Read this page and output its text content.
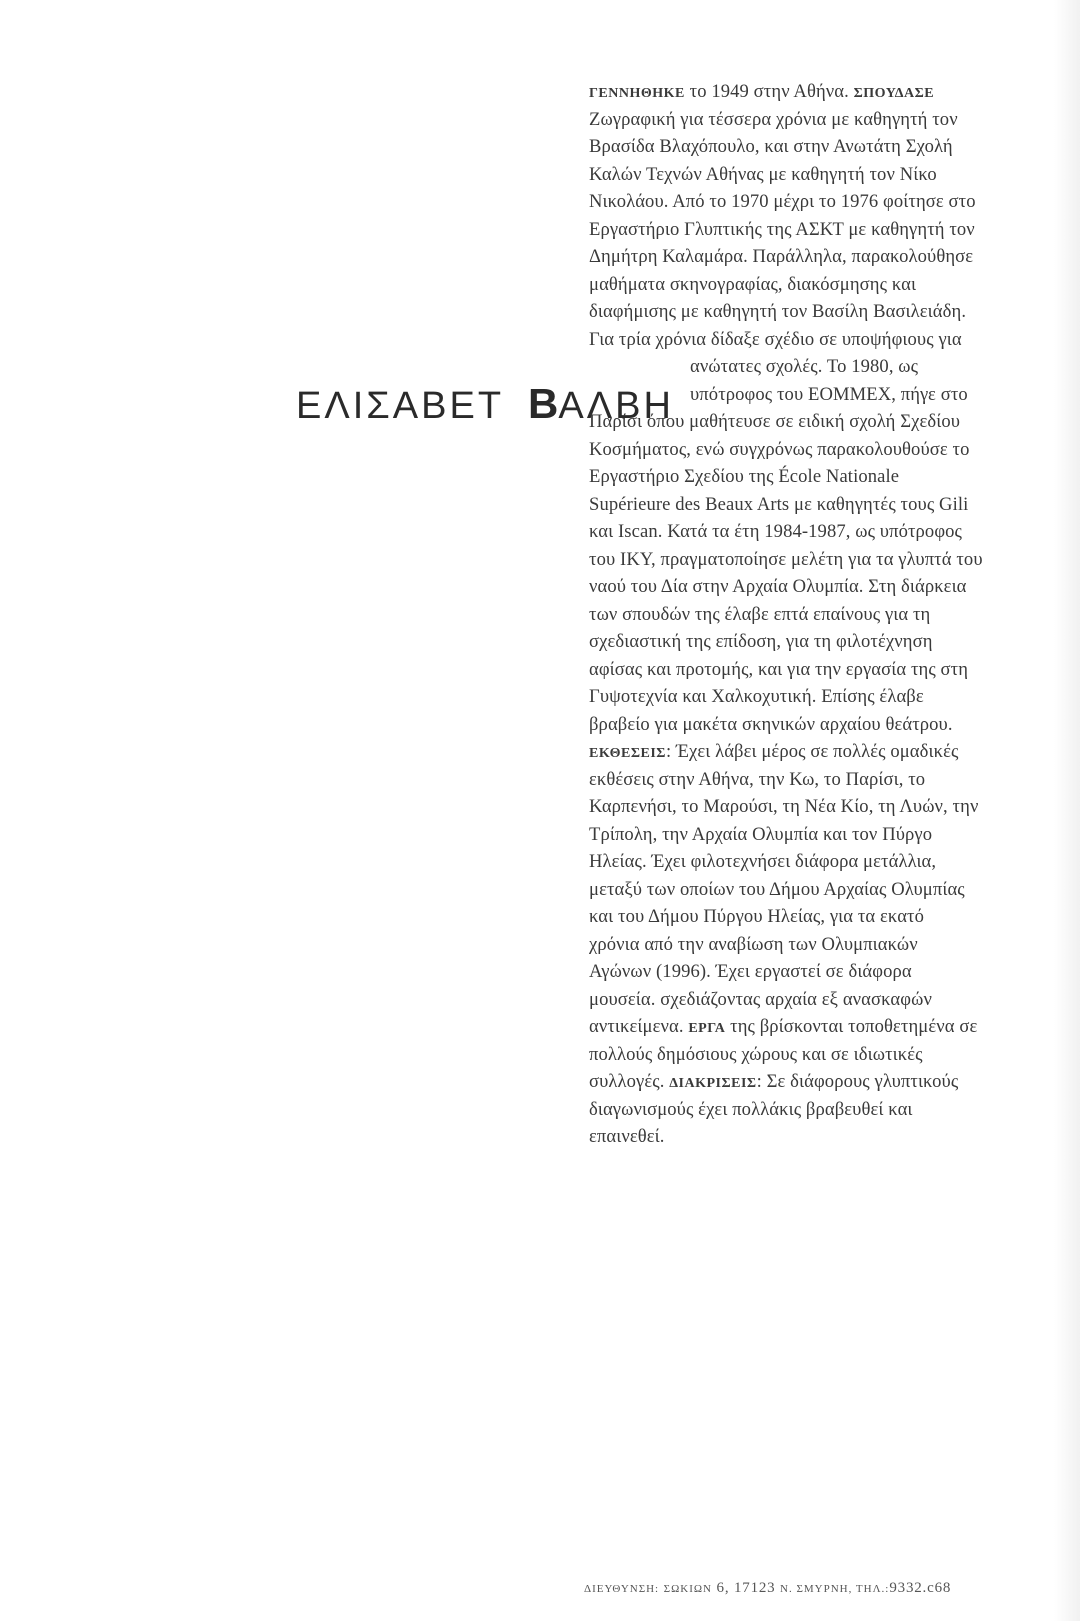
ΕΛΙΣΑΒΕΤ ΒΑΛΒΗ
ΓΕΝΝΗΘΗΚΕ το 1949 στην Αθήνα. ΣΠΟΥΔΑΣΕ
Ζωγραφική για τέσσερα χρόνια με καθηγητή τον
Βρασίδα Βλαχόπουλο, και στην Ανωτάτη Σχολή
Καλών Τεχνών Αθήνας με καθηγητή τον Νίκο
Νικολάου. Από το 1970 μέχρι το 1976 φοίτησε στο
Εργαστήριο Γλυπτικής της ΑΣΚΤ με καθηγητή τον
Δημήτρη Καλαμάρα. Παράλληλα, παρακολούθησε
μαθήματα σκηνογραφίας, διακόσμησης και
διαφήμισης με καθηγητή τον Βασίλη Βασιλειάδη.
Για τρία χρόνια δίδαξε σχέδιο σε υποψήφιους για
ανώτατες σχολές. Το 1980, ως
υπότροφος του ΕΟΜΜΕΧ, πήγε στο
Παρίσι όπου μαθήτευσε σε ειδική σχολή Σχεδίου
Κοσμήματος, ενώ συγχρόνως παρακολουθούσε το
Εργαστήριο Σχεδίου της École Nationale
Supérieure des Beaux Arts με καθηγητές τους Gili
και Iscan. Κατά τα έτη 1984-1987, ως υπότροφος
του ΙΚΥ, πραγματοποίησε μελέτη για τα γλυπτά του
ναού του Δία στην Αρχαία Ολυμπία. Στη διάρκεια
των σπουδών της έλαβε επτά επαίνους για τη
σχεδιαστική της επίδοση, για τη φιλοτέχνηση
αφίσας και προτομής, και για την εργασία της στη
Γυψοτεχνία και Χαλκοχυτική. Επίσης έλαβε
βραβείο για μακέτα σκηνικών αρχαίου θεάτρου.
ΕΚΘΕΣΕΙΣ: Έχει λάβει μέρος σε πολλές ομαδικές
εκθέσεις στην Αθήνα, την Κω, το Παρίσι, το
Καρπενήσι, το Μαρούσι, τη Νέα Κίο, τη Λυών, την
Τρίπολη, την Αρχαία Ολυμπία και τον Πύργο
Ηλείας. Έχει φιλοτεχνήσει διάφορα μετάλλια,
μεταξύ των οποίων του Δήμου Αρχαίας Ολυμπίας
και του Δήμου Πύργου Ηλείας, για τα εκατό
χρόνια από την αναβίωση των Ολυμπιακών
Αγώνων (1996). Έχει εργαστεί σε διάφορα
μουσεία. σχεδιάζοντας αρχαία εξ ανασκαφών
αντικείμενα. ΕΡΓΑ της βρίσκονται τοποθετημένα σε
πολλούς δημόσιους χώρους και σε ιδιωτικές
συλλογές. ΔΙΑΚΡΙΣΕΙΣ: Σε διάφορους γλυπτικούς
διαγωνισμούς έχει πολλάκις βραβευθεί και
επαινεθεί.
ΔΙΕΥΘΥΝΣΗ: ΣΩΚΙΩΝ 6, 17123 Ν. ΣΜΥΡΝΗ, ΤΗΛ.:9332.c68
